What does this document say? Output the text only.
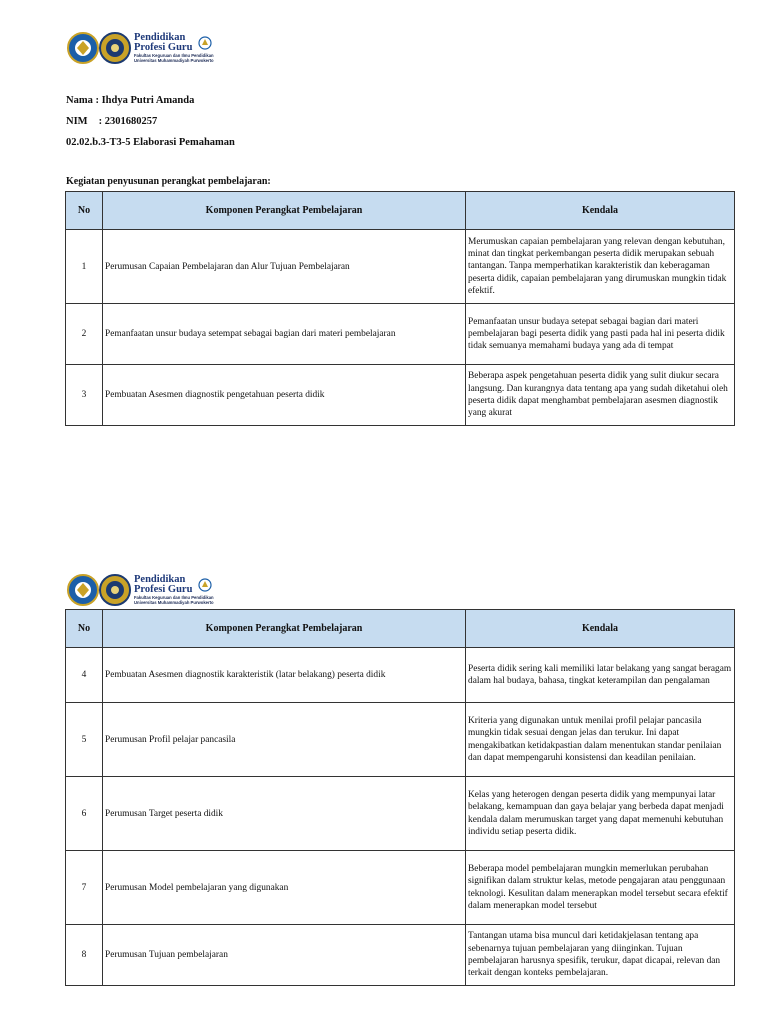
Pendidikan
Profesi Guru
Fakultas Keguruan dan Ilmu Pendidikan
Universitas Muhammadiyah Purwokerto
Nama : Ihdya Putri Amanda
NIM : 2301680257
02.02.b.3-T3-5 Elaborasi Pemahaman
Kegiatan penyusunan perangkat pembelajaran:
No	Komponen Perangkat Pembelajaran	Kendala
1	Perumusan Capaian Pembelajaran dan Alur Tujuan Pembelajaran	Merumuskan capaian pembelajaran yang relevan dengan kebutuhan, minat dan tingkat perkembangan peserta didik merupakan sebuah tantangan. Tanpa memperhatikan karakteristik dan keberagaman peserta didik, capaian pembelajaran yang dirumuskan mungkin tidak efektif.
2	Pemanfaatan unsur budaya setempat sebagai bagian dari materi pembelajaran	Pemanfaatan unsur budaya setepat sebagai bagian dari materi pembelajaran bagi peserta didik yang pasti pada hal ini peserta didik tidak semuanya memahami budaya yang ada di tempat
3	Pembuatan Asesmen diagnostik pengetahuan peserta didik	Beberapa aspek pengetahuan peserta didik yang sulit diukur secara langsung. Dan kurangnya data tentang apa yang sudah diketahui oleh peserta didik dapat menghambat pembelajaran asesmen diagnostik yang akurat
Pendidikan
Profesi Guru
Fakultas Keguruan dan Ilmu Pendidikan
Universitas Muhammadiyah Purwokerto
No	Komponen Perangkat Pembelajaran	Kendala
4	Pembuatan Asesmen diagnostik karakteristik (latar belakang) peserta didik	Peserta didik sering kali memiliki latar belakang yang sangat beragam dalam hal budaya, bahasa, tingkat keterampilan dan pengalaman
5	Perumusan Profil pelajar pancasila	Kriteria yang digunakan untuk menilai profil pelajar pancasila mungkin tidak sesuai dengan jelas dan terukur. Ini dapat mengakibatkan ketidakpastian dalam menentukan standar penilaian dan dapat mempengaruhi konsistensi dan keadilan penilaian.
6	Perumusan Target peserta didik	Kelas yang heterogen dengan peserta didik yang mempunyai latar belakang, kemampuan dan gaya belajar yang berbeda dapat menjadi kendala dalam merumuskan target yang dapat memenuhi kebutuhan individu setiap peserta didik.
7	Perumusan Model pembelajaran yang digunakan	Beberapa model pembelajaran mungkin memerlukan perubahan signifikan dalam struktur kelas, metode pengajaran atau penggunaan teknologi. Kesulitan dalam menerapkan model tersebut secara efektif dalam menerapkan model tersebut
8	Perumusan Tujuan pembelajaran	Tantangan utama bisa muncul dari ketidakjelasan tentang apa sebenarnya tujuan pembelajaran yang diinginkan. Tujuan pembelajaran harusnya spesifik, terukur, dapat dicapai, relevan dan terkait dengan konteks pembelajaran.
